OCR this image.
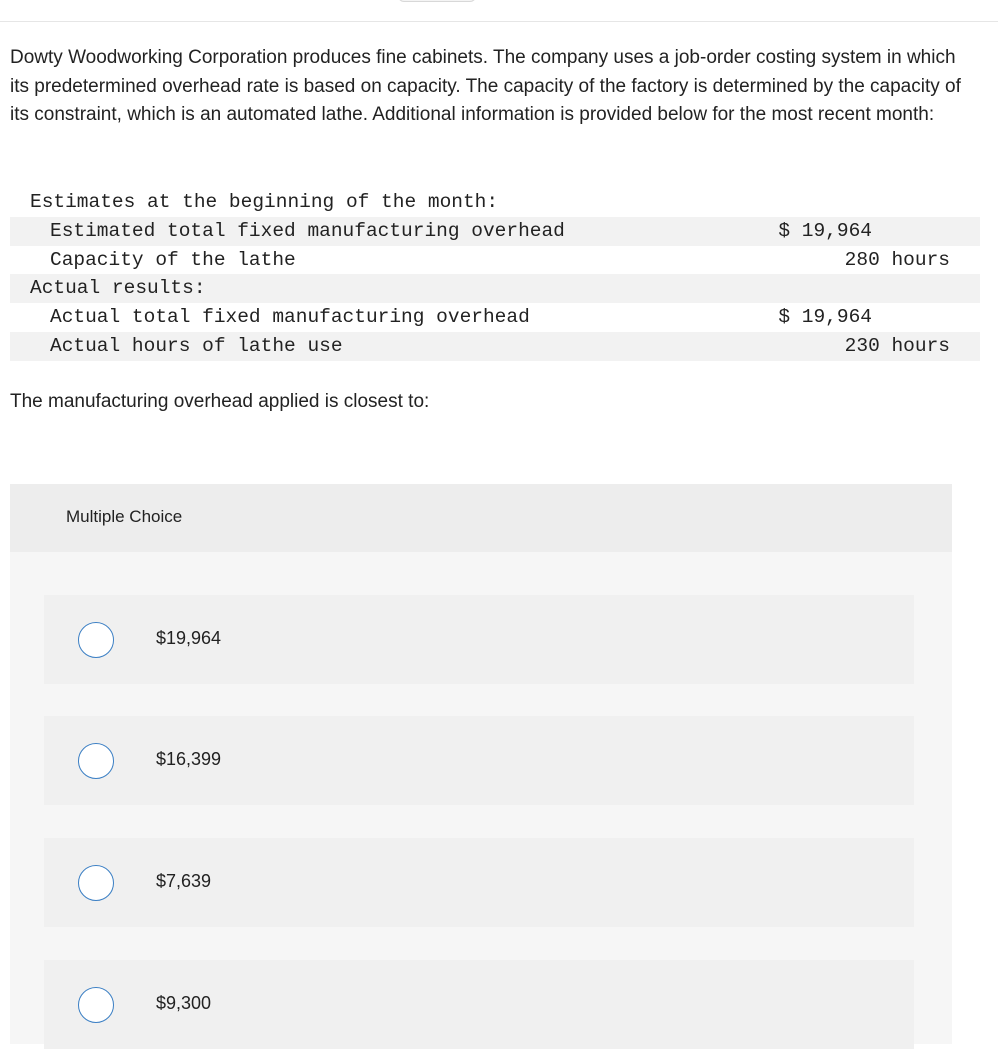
Dowty Woodworking Corporation produces fine cabinets. The company uses a job-order costing system in which its predetermined overhead rate is based on capacity. The capacity of the factory is determined by the capacity of its constraint, which is an automated lathe. Additional information is provided below for the most recent month:

Estimates at the beginning of the month:
Estimated total fixed manufacturing overhead	$ 19,964
Capacity of the lathe	280 hours
Actual results:
Actual total fixed manufacturing overhead	$ 19,964
Actual hours of lathe use	230 hours

The manufacturing overhead applied is closest to:

Multiple Choice
$19,964
$16,399
$7,639
$9,300
